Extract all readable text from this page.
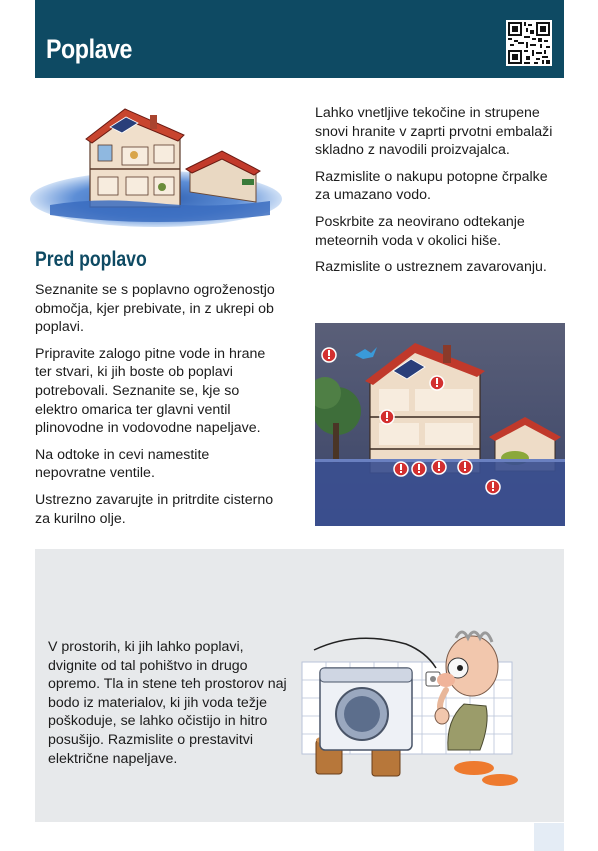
Poplave
Pred poplavo

Seznanite se s poplavno ogroženostjo območja, kjer prebivate, in z ukrepi ob poplavi.

Pripravite zalogo pitne vode in hrane ter stvari, ki jih boste ob poplavi potrebovali. Seznanite se, kje so elektro omarica ter glavni ventil plinovodne in vodovodne napeljave.

Na odtoke in cevi namestite nepovratne ventile.

Ustrezno zavarujte in pritrdite cisterno za kurilno olje.

Lahko vnetljive tekočine in strupene snovi hranite v zaprti prvotni embalaži skladno z navodili proizvajalca.

Razmislite o nakupu potopne črpalke za umazano vodo.

Poskrbite za neovirano odtekanje meteornih voda v okolici hiše.

Razmislite o ustreznem zavarovanju.

V prostorih, ki jih lahko poplavi, dvignite od tal pohištvo in drugo opremo. Tla in stene teh prostorov naj bodo iz materialov, ki jih voda težje poškoduje, se lahko očistijo in hitro posušijo. Razmislite o prestavitvi električne napeljave.
